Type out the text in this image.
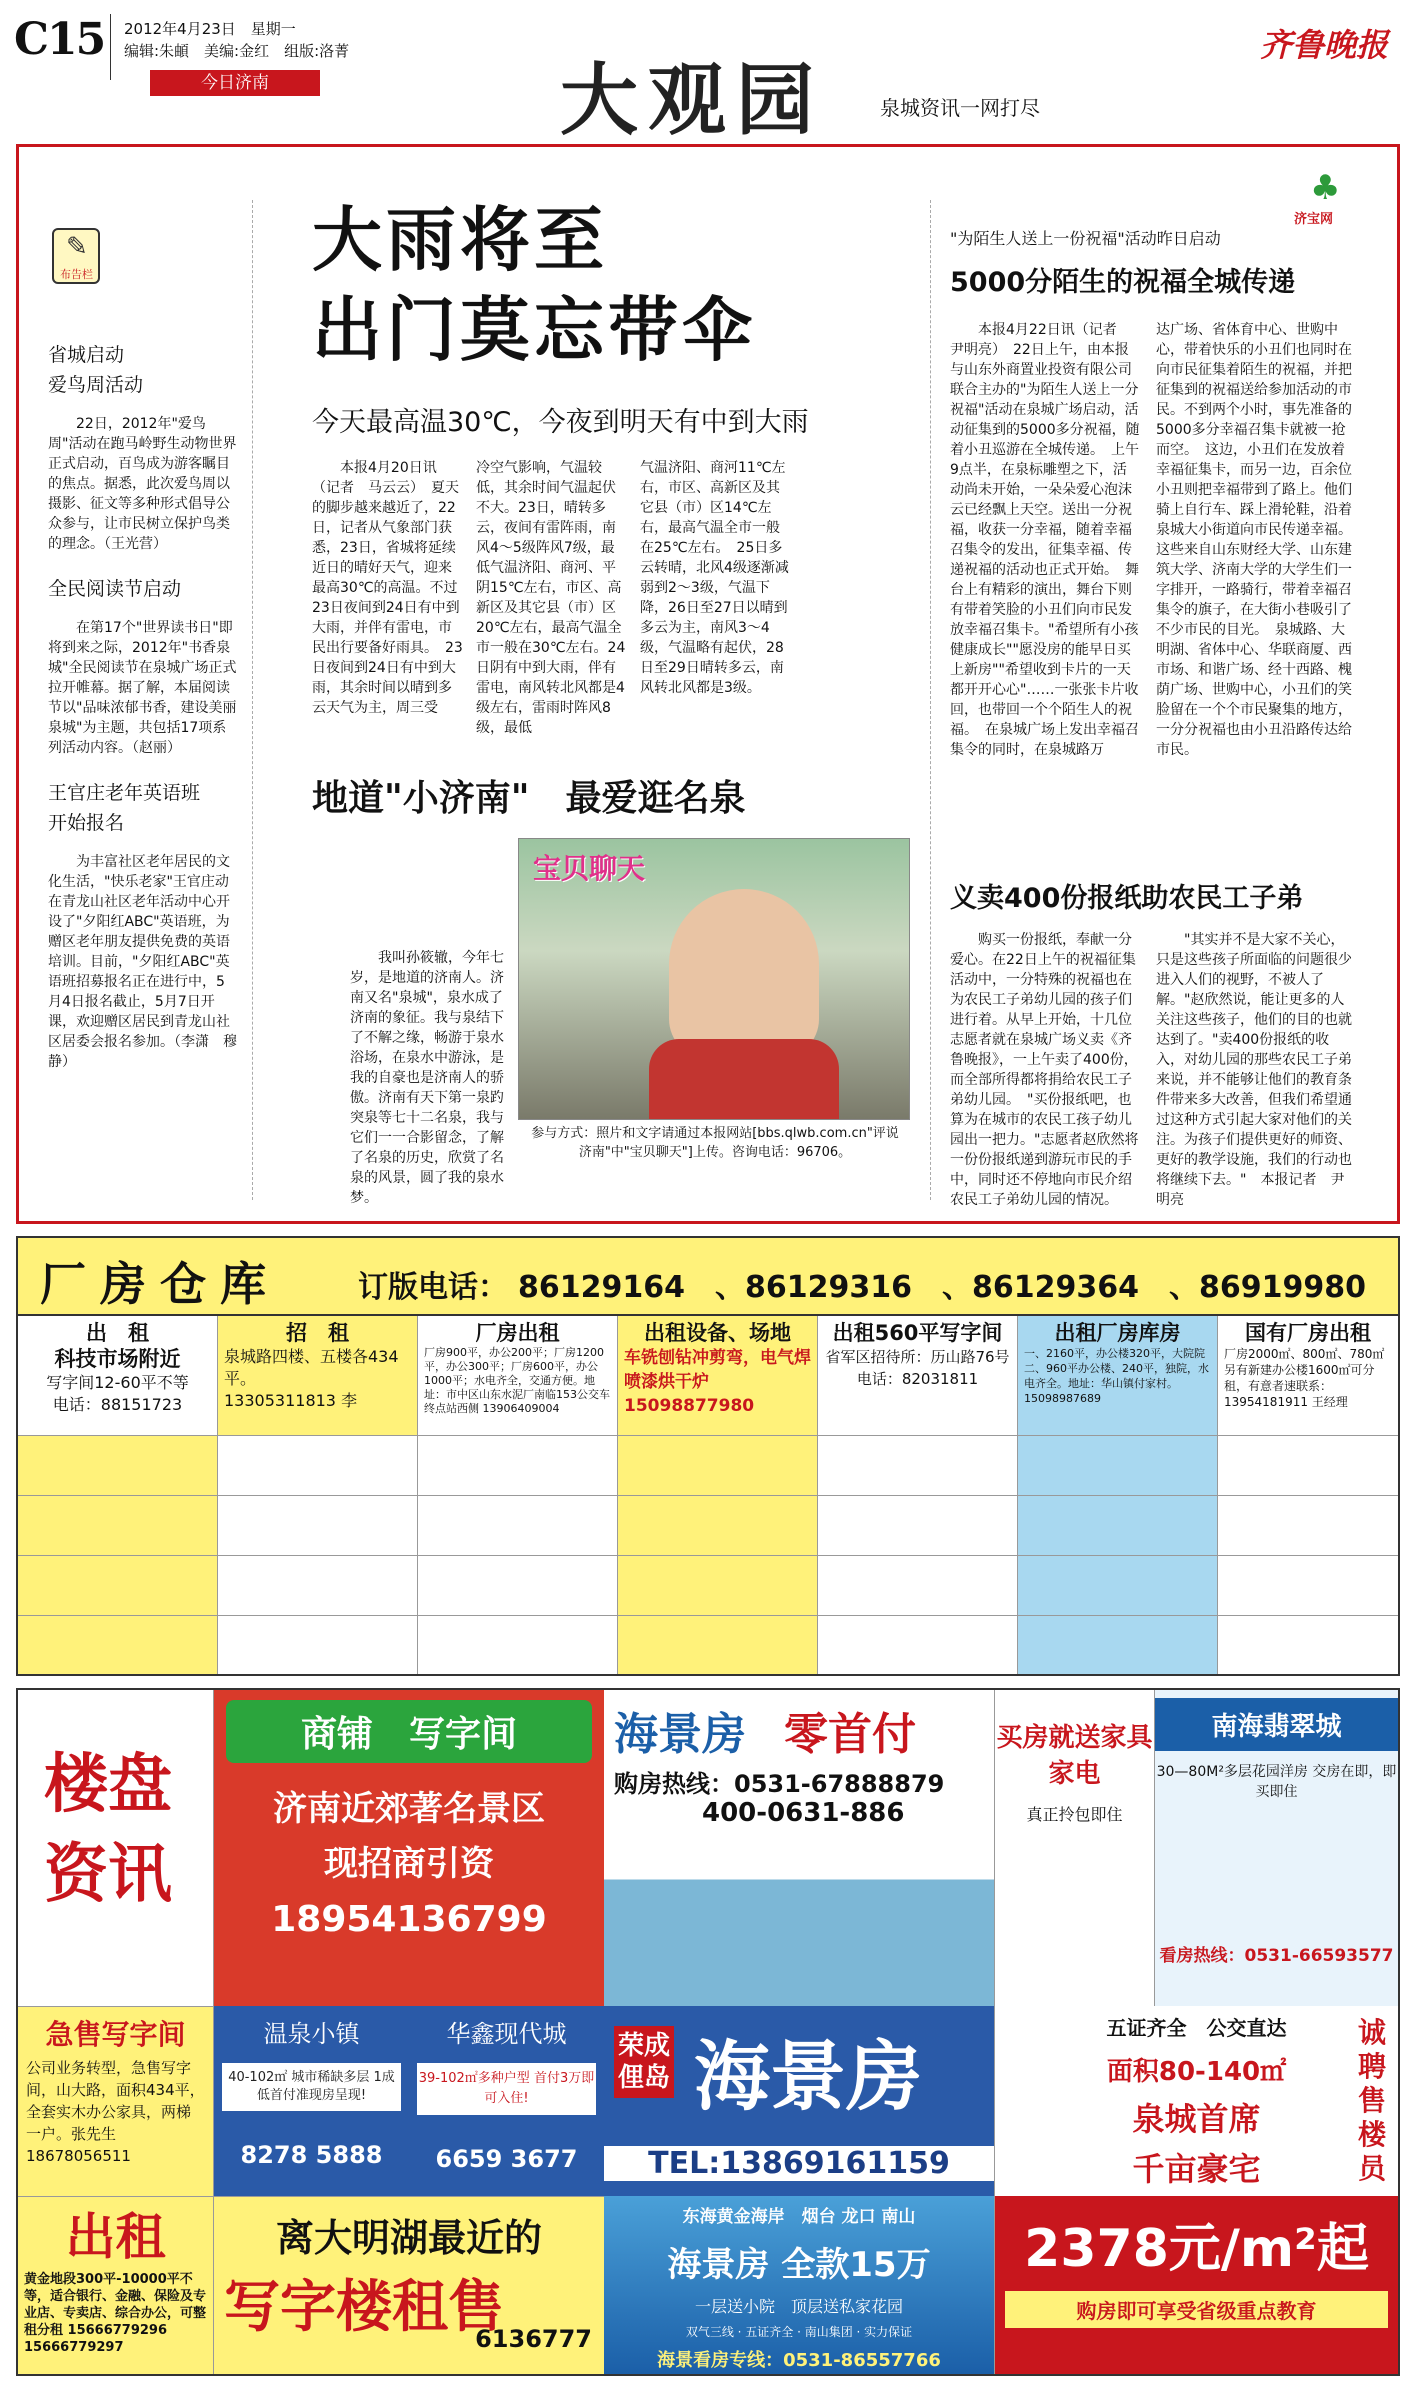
C15 2012年4月23日　星期一
编辑:朱頔　美编:金红　组版:洛菁
今日济南	大观园	泉城资讯一网打尽
齐鲁晚报
✎
布告栏
省城启动
爱鸟周活动
22日，2012年"爱鸟周"活动在跑马岭野生动物世界正式启动，百鸟成为游客瞩目的焦点。据悉，此次爱鸟周以摄影、征文等多种形式倡导公众参与，让市民树立保护鸟类的理念。（王光营）
全民阅读节启动
在第17个"世界读书日"即将到来之际，2012年"书香泉城"全民阅读节在泉城广场正式拉开帷幕。据了解，本届阅读节以"品味浓郁书香，建设美丽泉城"为主题，共包括17项系列活动内容。（赵丽）
王官庄老年英语班
开始报名
为丰富社区老年居民的文化生活，"快乐老家"王官庄动在青龙山社区老年活动中心开设了"夕阳红ABC"英语班，为赠区老年朋友提供免费的英语培训。目前，"夕阳红ABC"英语班招募报名正在进行中，5月4日报名截止，5月7日开课，欢迎赠区居民到青龙山社区居委会报名参加。（李潇　穆静）
大雨将至
出门莫忘带伞
今天最高温30℃，今夜到明天有中到大雨

本报4月20日讯（记者　马云云）　夏天的脚步越来越近了，22日，记者从气象部门获悉，23日，省城将延续近日的晴好天气，迎来最高30℃的高温。不过23日夜间到24日有中到大雨，并伴有雷电，市民出行要备好雨具。　23日夜间到24日有中到大雨，其余时间以晴到多云天气为主，周三受

冷空气影响，气温较低，其余时间气温起伏不大。23日，晴转多云，夜间有雷阵雨，南风4～5级阵风7级，最低气温济阳、商河、平阴15℃左右，市区、高新区及其它县（市）区20℃左右，最高气温全市一般在30℃左右。24日阴有中到大雨，伴有雷电，南风转北风都是4级左右，雷雨时阵风8级，最低

气温济阳、商河11℃左右，市区、高新区及其它县（市）区14℃左右，最高气温全市一般在25℃左右。　25日多云转晴，北风4级逐渐减弱到2～3级，气温下降，26日至27日以晴到多云为主，南风3～4级，气温略有起伏，28日至29日晴转多云，南风转北风都是3级。

地道"小济南"　最爱逛名泉

我叫孙筱辙，今年七岁，是地道的济南人。济南又名"泉城"，泉水成了济南的象征。我与泉结下了不解之缘，畅游于泉水浴场，在泉水中游泳，是我的自豪也是济南人的骄傲。济南有天下第一泉趵突泉等七十二名泉，我与它们一一合影留念，了解了名泉的历史，欣赏了名泉的风景，圆了我的泉水梦。

宝贝聊天
参与方式：照片和文字请通过本报网站[bbs.qlwb.com.cn"评说济南"中"宝贝聊天"]上传。咨询电话：96706。
♣
济宝网
"为陌生人送上一份祝福"活动昨日启动
5000分陌生的祝福全城传递

本报4月22日讯（记者　尹明亮）　22日上午，由本报与山东外商置业投资有限公司联合主办的"为陌生人送上一分祝福"活动在泉城广场启动，活动征集到的5000多分祝福，随着小丑巡游在全城传递。　上午9点半，在泉标雕塑之下，活动尚未开始，一朵朵爱心泡沫云已经飘上天空。送出一分祝福，收获一分幸福，随着幸福召集令的发出，征集幸福、传递祝福的活动也正式开始。　舞台上有精彩的演出，舞台下则有带着笑脸的小丑们向市民发放幸福召集卡。"希望所有小孩健康成长""愿没房的能早日买上新房""希望收到卡片的一天都开开心心"……一张张卡片收回，也带回一个个陌生人的祝福。　在泉城广场上发出幸福召集令的同时，在泉城路万

达广场、省体育中心、世购中心，带着快乐的小丑们也同时在向市民征集着陌生的祝福，并把征集到的祝福送给参加活动的市民。不到两个小时，事先准备的5000多分幸福召集卡就被一抢而空。　这边，小丑们在发放着幸福征集卡，而另一边，百余位小丑则把幸福带到了路上。他们骑上自行车、踩上滑轮鞋，沿着泉城大小街道向市民传递幸福。　这些来自山东财经大学、山东建筑大学、济南大学的大学生们一字排开，一路骑行，带着幸福召集令的旗子，在大街小巷吸引了不少市民的目光。　泉城路、大明湖、省体中心、华联商厦、西市场、和谐广场、经十西路、槐荫广场、世购中心，小丑们的笑脸留在一个个市民聚集的地方，一分分祝福也由小丑沿路传达给市民。

义卖400份报纸助农民工子弟

购买一份报纸，奉献一分爱心。在22日上午的祝福征集活动中，一分特殊的祝福也在为农民工子弟幼儿园的孩子们进行着。从早上开始，十几位志愿者就在泉城广场义卖《齐鲁晚报》，一上午卖了400份，而全部所得都将捐给农民工子弟幼儿园。　"买份报纸吧，也算为在城市的农民工孩子幼儿园出一把力。"志愿者赵欣然将一份份报纸递到游玩市民的手中，同时还不停地向市民介绍农民工子弟幼儿园的情况。

"其实并不是大家不关心，只是这些孩子所面临的问题很少进入人们的视野，不被人了解。"赵欣然说，能让更多的人关注这些孩子，他们的目的也就达到了。"卖400份报纸的收入，对幼儿园的那些农民工子弟来说，并不能够让他们的教育条件带来多大改善，但我们希望通过这种方式引起大家对他们的关注。为孩子们提供更好的师资、更好的教学设施，我们的行动也将继续下去。"　本报记者　尹明亮

厂房仓库	订版电话： 86129164　、86129316　、86129364　、86919980
出　租
科技市场附近
写字间12-60平不等
电话：88151723
招　租
泉城路四楼、五楼各434平。
13305311813 李
厂房出租
厂房900平，办公200平；厂房1200平，办公300平；厂房600平，办公1000平；水电齐全，交通方便。地址：市中区山东水泥厂南临153公交车终点站西侧 13906409004
出租设备、场地
车铣刨钻冲剪弯，电气焊喷漆烘干炉 15098877980
出租560平写字间
省军区招待所：历山路76号
电话：82031811
出租厂房库房
一、2160平，办公楼320平，大院院 二、960平办公楼、240平，独院，水电齐全。地址：华山镇付家村。15098987689
国有厂房出租
厂房2000㎡、800㎡、780㎡另有新建办公楼1600㎡可分租，有意者速联系：13954181911 王经理
楼盘资讯
商铺　写字间
济南近郊著名景区
现招商引资
18954136799
海景房 零首付
购房热线：0531-67888879
400-0631-886
买房就送家具家电
真正拎包即住
南海翡翠城
30—80M²多层花园洋房 交房在即，即买即住
看房热线：0531-66593577
急售写字间
公司业务转型，急售写字间，山大路，面积434平，全套实木办公家具，两梯一户。张先生 18678056511
温泉小镇
40-102㎡ 城市稀缺多层 1成低首付准现房呈现!
8278 5888
华鑫现代城
39-102㎡多种户型 首付3万即可入住!
6659 3677
荣成俚岛 海景房
TEL:13869161159
五证齐全　公交直达
面积80-140㎡
泉城首席
千亩豪宅
诚聘售楼员
出租
黄金地段300平-10000平不等，适合银行、金融、保险及专业店、专卖店、综合办公，可整租分租 15666779296 15666779297
离大明湖最近的
写字楼租售
6136777
东海黄金海岸　烟台 龙口 南山
海景房 全款15万
一层送小院　顶层送私家花园
双气三线 · 五证齐全 · 南山集团 · 实力保证
海景看房专线：0531-86557766
2378元/m²起
购房即可享受省级重点教育
